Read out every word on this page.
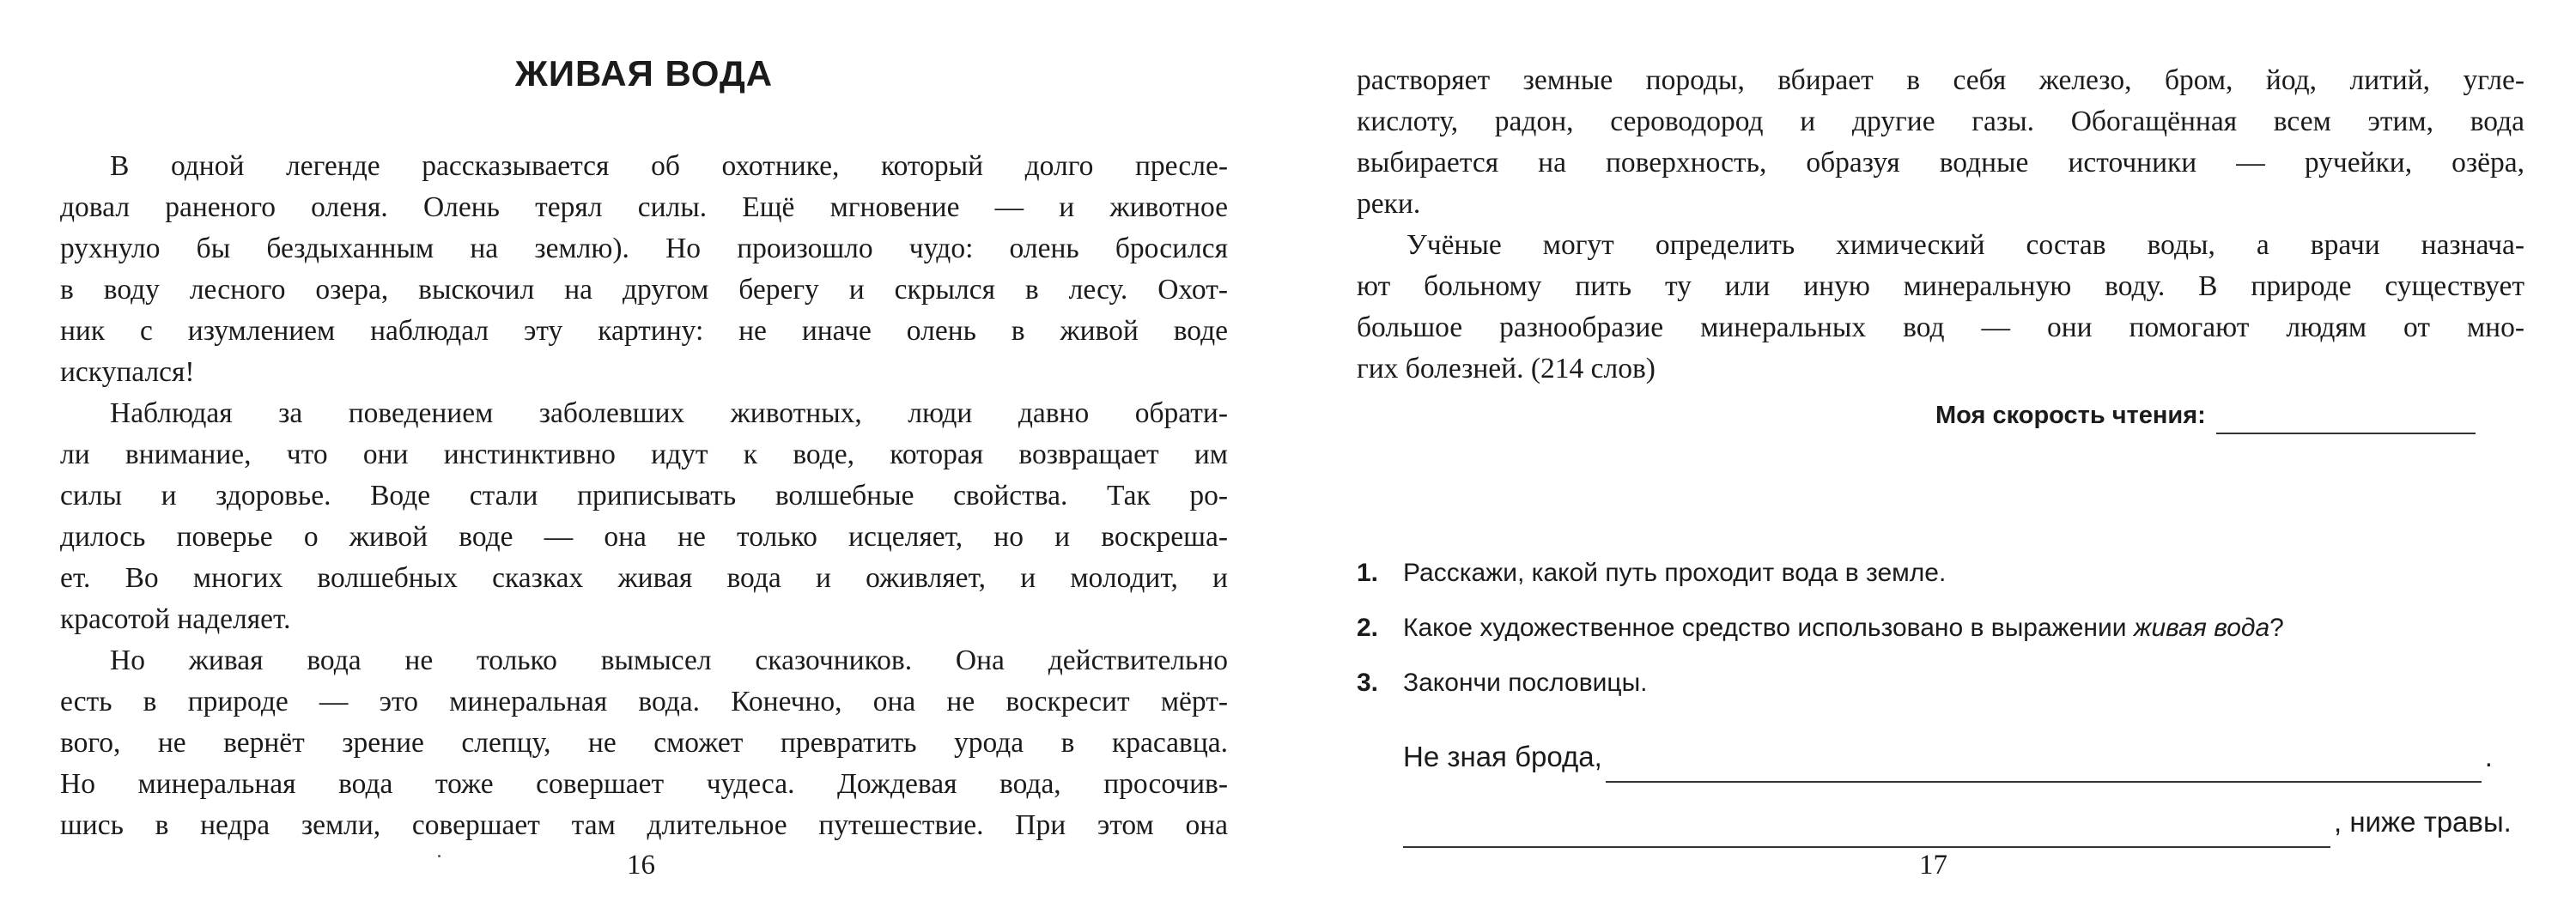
ЖИВАЯ ВОДА
В одной легенде рассказывается об охотнике, который долго пресле-
довал раненого оленя. Олень терял силы. Ещё мгновение — и животное
рухнуло бы бездыханным на землю). Но произошло чудо: олень бросился
в воду лесного озера, выскочил на другом берегу и скрылся в лесу. Охот-
ник с изумлением наблюдал эту картину: не иначе олень в живой воде
искупался!
Наблюдая за поведением заболевших животных, люди давно обрати-
ли внимание, что они инстинктивно идут к воде, которая возвращает им
силы и здоровье. Воде стали приписывать волшебные свойства. Так ро-
дилось поверье о живой воде — она не только исцеляет, но и воскреша-
ет. Во многих волшебных сказках живая вода и оживляет, и молодит, и
красотой наделяет.
Но живая вода не только вымысел сказочников. Она действительно
есть в природе — это минеральная вода. Конечно, она не воскресит мёрт-
вого, не вернёт зрение слепцу, не сможет превратить урода в красавца.
Но минеральная вода тоже совершает чудеса. Дождевая вода, просочив-
шись в недра земли, совершает там длительное путешествие. При этом она
16
растворяет земные породы, вбирает в себя железо, бром, йод, литий, угле-
кислоту, радон, сероводород и другие газы. Обогащённая всем этим, вода
выбирается на поверхность, образуя водные источники — ручейки, озёра,
реки.
Учёные могут определить химический состав воды, а врачи назнача-
ют больному пить ту или иную минеральную воду. В природе существует
большое разнообразие минеральных вод — они помогают людям от мно-
гих болезней. (214 слов)
Моя скорость чтения:
1. Расскажи, какой путь проходит вода в земле.
2. Какое художественное средство использовано в выражении живая вода?
3. Закончи пословицы.
Не зная брода,	.
, ниже травы.
17
